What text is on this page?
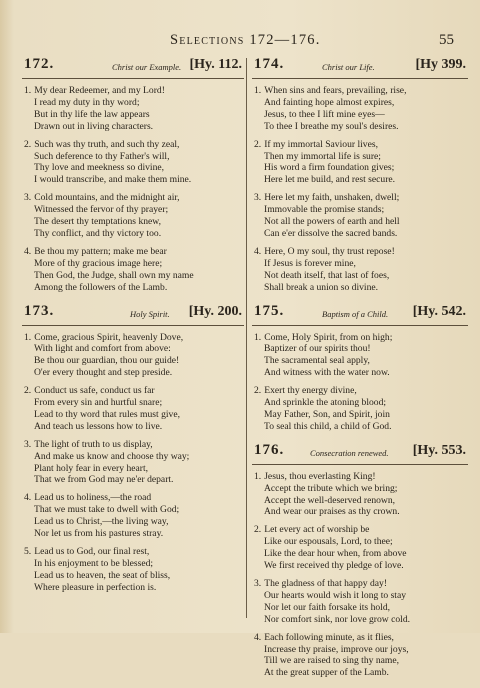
Selections 172—176.	55
172.	Christ our Example. [Hy. 112.
1. My dear Redeemer, and my Lord!
I read my duty in thy word;
But in thy life the law appears
Drawn out in living characters.
2. Such was thy truth, and such thy zeal,
Such deference to thy Father's will,
Thy love and meekness so divine,
I would transcribe, and make them mine.
3. Cold mountains, and the midnight air,
Witnessed the fervor of thy prayer;
The desert thy temptations knew,
Thy conflict, and thy victory too.
4. Be thou my pattern; make me bear
More of thy gracious image here;
Then God, the Judge, shall own my name
Among the followers of the Lamb.
173.	Holy Spirit. [Hy. 200.
1. Come, gracious Spirit, heavenly Dove,
With light and comfort from above:
Be thou our guardian, thou our guide!
O'er every thought and step preside.
2. Conduct us safe, conduct us far
From every sin and hurtful snare;
Lead to thy word that rules must give,
And teach us lessons how to live.
3. The light of truth to us display,
And make us know and choose thy way;
Plant holy fear in every heart,
That we from God may ne'er depart.
4. Lead us to holiness,—the road
That we must take to dwell with God;
Lead us to Christ,—the living way,
Nor let us from his pastures stray.
5. Lead us to God, our final rest,
In his enjoyment to be blessed;
Lead us to heaven, the seat of bliss,
Where pleasure in perfection is.
174.	Christ our Life.	[Hy 399.
1. When sins and fears, prevailing, rise,
And fainting hope almost expires,
Jesus, to thee I lift mine eyes—
To thee I breathe my soul's desires.
2. If my immortal Saviour lives,
Then my immortal life is sure;
His word a firm foundation gives;
Here let me build, and rest secure.
3. Here let my faith, unshaken, dwell;
Immovable the promise stands;
Not all the powers of earth and hell
Can e'er dissolve the sacred bands.
4. Here, O my soul, thy trust repose!
If Jesus is forever mine,
Not death itself, that last of foes,
Shall break a union so divine.
175.	Baptism of a Child. [Hy. 542.
1. Come, Holy Spirit, from on high;
Baptizer of our spirits thou!
The sacramental seal apply,
And witness with the water now.
2. Exert thy energy divine,
And sprinkle the atoning blood;
May Father, Son, and Spirit, join
To seal this child, a child of God.
176.	Consecration renewed. [Hy. 553.
1. Jesus, thou everlasting King!
Accept the tribute which we bring;
Accept the well-deserved renown,
And wear our praises as thy crown.
2. Let every act of worship be
Like our espousals, Lord, to thee;
Like the dear hour when, from above
We first received thy pledge of love.
3. The gladness of that happy day!
Our hearts would wish it long to stay
Nor let our faith forsake its hold,
Nor comfort sink, nor love grow cold.
4. Each following minute, as it flies,
Increase thy praise, improve our joys,
Till we are raised to sing thy name,
At the great supper of the Lamb.
